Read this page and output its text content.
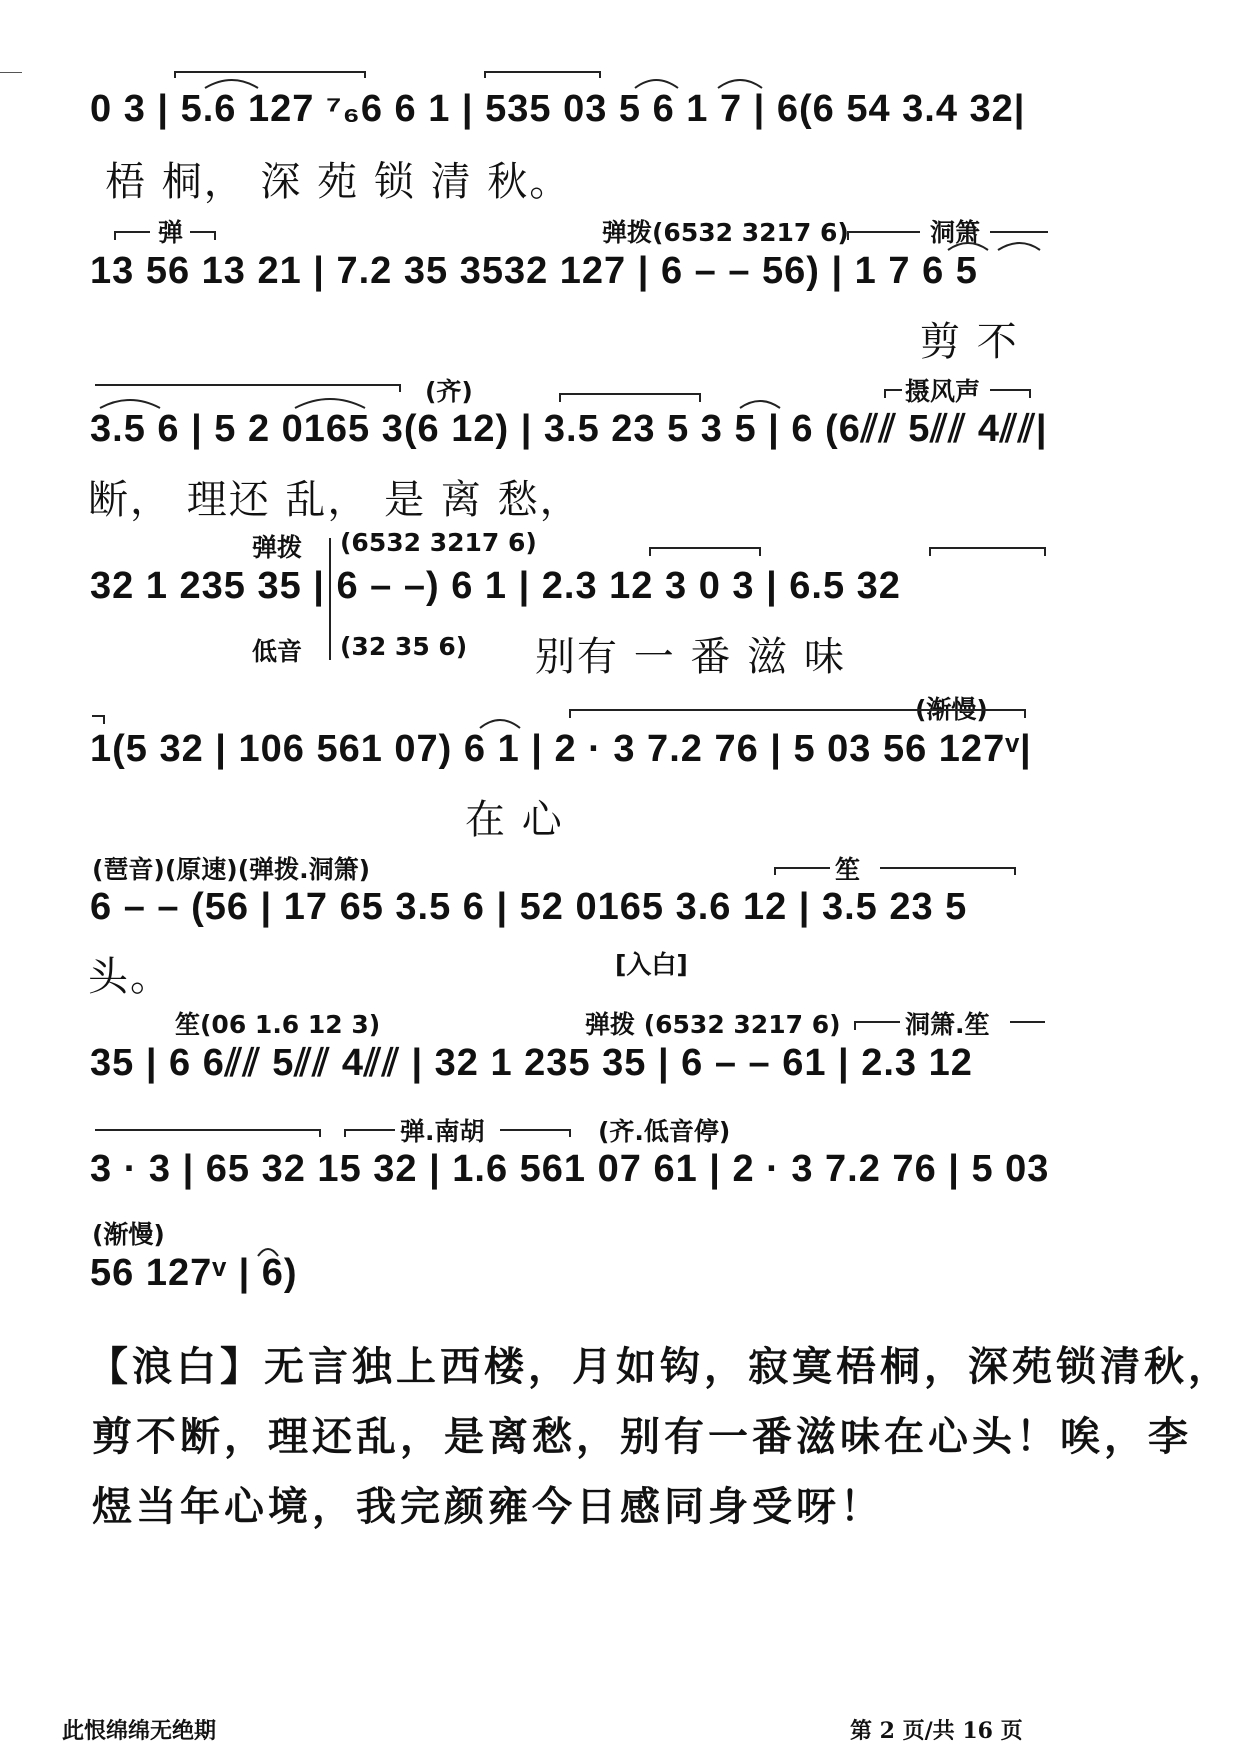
0 3 | 5.6 127 ⁷₆6 6 1 | 535 03 5 6 1 7 | 6(6 54 3.4 32|
梧 桐， 深 苑 锁 清 秋。
弹	弹拨(6532 3217 6)	洞箫
13 56 13 21 | 7.2 35 3532 127 | 6 – – 56) | 1 7 6 5
剪 不
(齐)	摄风声
3.5 6 | 5 2 0165 3(6 12) | 3.5 23 5 3 5 | 6 (6⫽⫽ 5⫽⫽ 4⫽⫽|
断， 理还 乱， 是 离 愁，
弹拨 (6532 3217 6)
32 1 235 35 | 6 – –) 6 1 | 2.3 12 3 0 3 | 6.5 32
低音 (32 35 6) 别有 一 番 滋 味
(渐慢)
1(5 32 | 106 561 07) 6 1 | 2 · 3 7.2 76 | 5 03 56 127ᵛ|
在 心
(琶音)(原速)(弹拨.洞箫)	笙
6 – – (56 | 17 65 3.5 6 | 52 0165 3.6 12 | 3.5 23 5
头。	[入白]
笙(06 1.6 12 3)	弹拨 (6532 3217 6)	洞箫.笙
35 | 6 6⫽⫽ 5⫽⫽ 4⫽⫽ | 32 1 235 35 | 6 – – 61 | 2.3 12
弹.南胡	(齐.低音停)
3 · 3 | 65 32 15 32 | 1.6 561 07 61 | 2 · 3 7.2 76 | 5 03
(渐慢)
56 127ᵛ | 6)
【浪白】无言独上西楼，月如钩，寂寞梧桐，深苑锁清秋，
剪不断，理还乱，是离愁，别有一番滋味在心头！唉，李
煜当年心境，我完颜雍今日感同身受呀！
此恨绵绵无绝期	第 2 页/共 16 页
